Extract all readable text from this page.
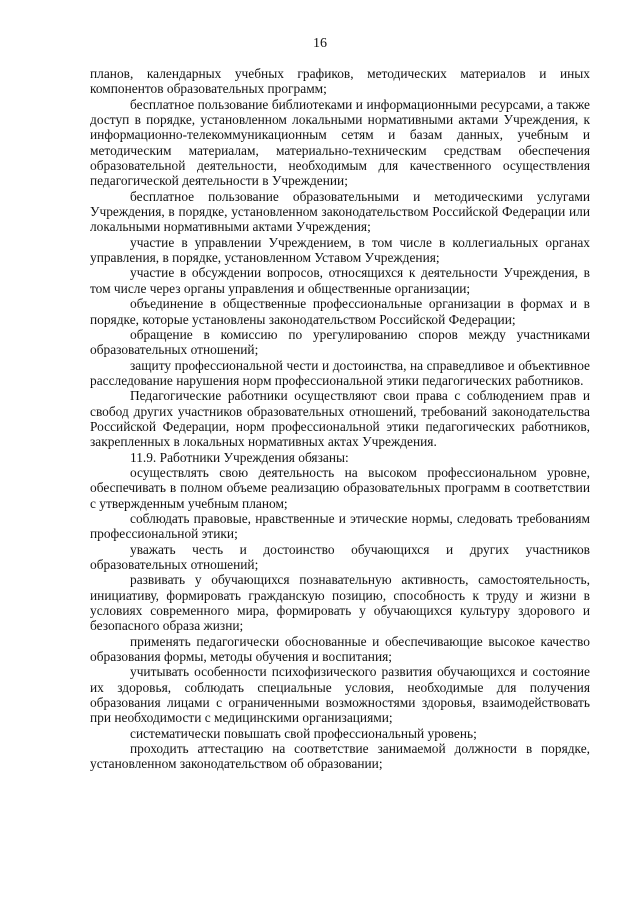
16

планов, календарных учебных графиков, методических материалов и иных компонентов образовательных программ;

бесплатное пользование библиотеками и информационными ресурсами, а также доступ в порядке, установленном локальными нормативными актами Учреждения, к информационно-телекоммуникационным сетям и базам данных, учебным и методическим материалам, материально-техническим средствам обеспечения образовательной деятельности, необходимым для качественного осуществления педагогической деятельности в Учреждении;

бесплатное пользование образовательными и методическими услугами Учреждения, в порядке, установленном законодательством Российской Федерации или локальными нормативными актами Учреждения;

участие в управлении Учреждением, в том числе в коллегиальных органах управления, в порядке, установленном Уставом Учреждения;

участие в обсуждении вопросов, относящихся к деятельности Учреждения, в том числе через органы управления и общественные организации;

объединение в общественные профессиональные организации в формах и в порядке, которые установлены законодательством Российской Федерации;

обращение в комиссию по урегулированию споров между участниками образовательных отношений;

защиту профессиональной чести и достоинства, на справедливое и объективное расследование нарушения норм профессиональной этики педагогических работников.

Педагогические работники осуществляют свои права с соблюдением прав и свобод других участников образовательных отношений, требований законодательства Российской Федерации, норм профессиональной этики педагогических работников, закрепленных в локальных нормативных актах Учреждения.

11.9. Работники Учреждения обязаны:

осуществлять свою деятельность на высоком профессиональном уровне, обеспечивать в полном объеме реализацию образовательных программ в соответствии с утвержденным учебным планом;

соблюдать правовые, нравственные и этические нормы, следовать требованиям профессиональной этики;

уважать честь и достоинство обучающихся и других участников образовательных отношений;

развивать у обучающихся познавательную активность, самостоятельность, инициативу, формировать гражданскую позицию, способность к труду и жизни в условиях современного мира, формировать у обучающихся культуру здорового и безопасного образа жизни;

применять педагогически обоснованные и обеспечивающие высокое качество образования формы, методы обучения и воспитания;

учитывать особенности психофизического развития обучающихся и состояние их здоровья, соблюдать специальные условия, необходимые для получения образования лицами с ограниченными возможностями здоровья, взаимодействовать при необходимости с медицинскими организациями;

систематически повышать свой профессиональный уровень;

проходить аттестацию на соответствие занимаемой должности в порядке, установленном законодательством об образовании;
